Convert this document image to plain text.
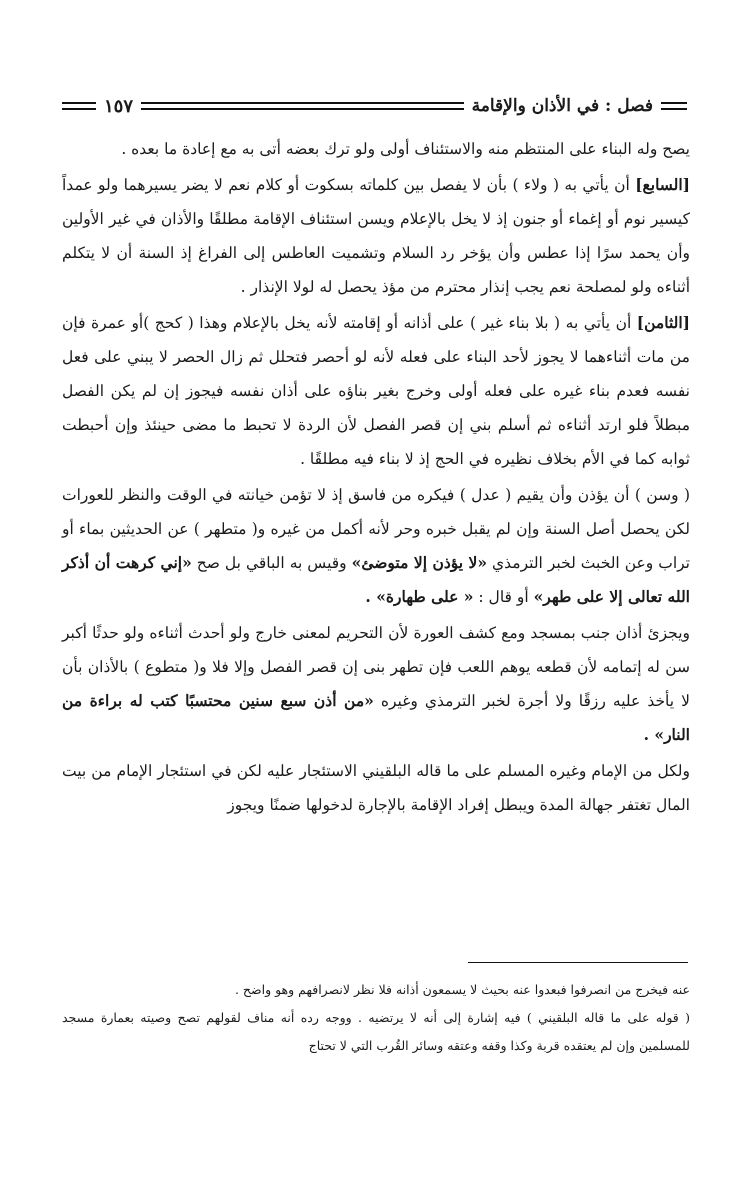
فصل : في الأذان والإقامة
١٥٧

يصح وله البناء على المنتظم منه والاستئناف أولى ولو ترك بعضه أتى به مع إعادة ما بعده .

[السابع] أن يأتي به ( ولاء ) بأن لا يفصل بين كلماته بسكوت أو كلام نعم لا يضر يسيرهما ولو عمداً كيسير نوم أو إغماء أو جنون إذ لا يخل بالإعلام ويسن استئناف الإقامة مطلقًا والأذان في غير الأولين وأن يحمد سرًا إذا عطس وأن يؤخر رد السلام وتشميت العاطس إلى الفراغ إذ السنة أن لا يتكلم أثناءه ولو لمصلحة نعم يجب إنذار محترم من مؤذ يحصل له لولا الإنذار .

[الثامن] أن يأتي به ( بلا بناء غير ) على أذانه أو إقامته لأنه يخل بالإعلام وهذا ( كحج )أو عمرة فإن من مات أثناءهما لا يجوز لأحد البناء على فعله لأنه لو أحصر فتحلل ثم زال الحصر لا يبني على فعل نفسه فعدم بناء غيره على فعله أولى وخرج بغير بناؤه على أذان نفسه فيجوز إن لم يكن الفصل مبطلاً فلو ارتد أثناءه ثم أسلم بني إن قصر الفصل لأن الردة لا تحبط ما مضى حينئذ وإن أحبطت ثوابه كما في الأم بخلاف نظيره في الحج إذ لا بناء فيه مطلقًا .

( وسن ) أن يؤذن وأن يقيم ( عدل ) فيكره من فاسق إذ لا تؤمن خيانته في الوقت والنظر للعورات لكن يحصل أصل السنة وإن لم يقبل خبره وحر لأنه أكمل من غيره و( متطهر ) عن الحديثين بماء أو تراب وعن الخبث لخبر الترمذي «لا يؤذن إلا متوضئ» وقيس به الباقي بل صح «إني كرهت أن أذكر الله تعالى إلا على طهر» أو قال : « على طهارة» .

ويجزئ أذان جنب بمسجد ومع كشف العورة لأن التحريم لمعنى خارج ولو أحدث أثناءه ولو حدثًا أكبر سن له إتمامه لأن قطعه يوهم اللعب فإن تطهر بنى إن قصر الفصل وإلا فلا و( متطوع ) بالأذان بأن لا يأخذ عليه رزقًا ولا أجرة لخبر الترمذي وغيره «من أذن سبع سنين محتسبًا كتب له براءة من النار» .

ولكل من الإمام وغيره المسلم على ما قاله البلقيني الاستئجار عليه لكن في استئجار الإمام من بيت المال تغتفر جهالة المدة ويبطل إفراد الإقامة بالإجارة لدخولها ضمنًا ويجوز

عنه فيخرج من انصرفوا فبعدوا عنه بحيث لا يسمعون أذانه فلا نظر لانصرافهم وهو واضح .

( قوله على ما قاله البلقيني ) فيه إشارة إلى أنه لا يرتضيه . ووجه رده أنه مناف لقولهم تصح وصيته بعمارة مسجد للمسلمين وإن لم يعتقده قربة وكذا وقفه وعتقه وسائر القُرب التي لا تحتاج
